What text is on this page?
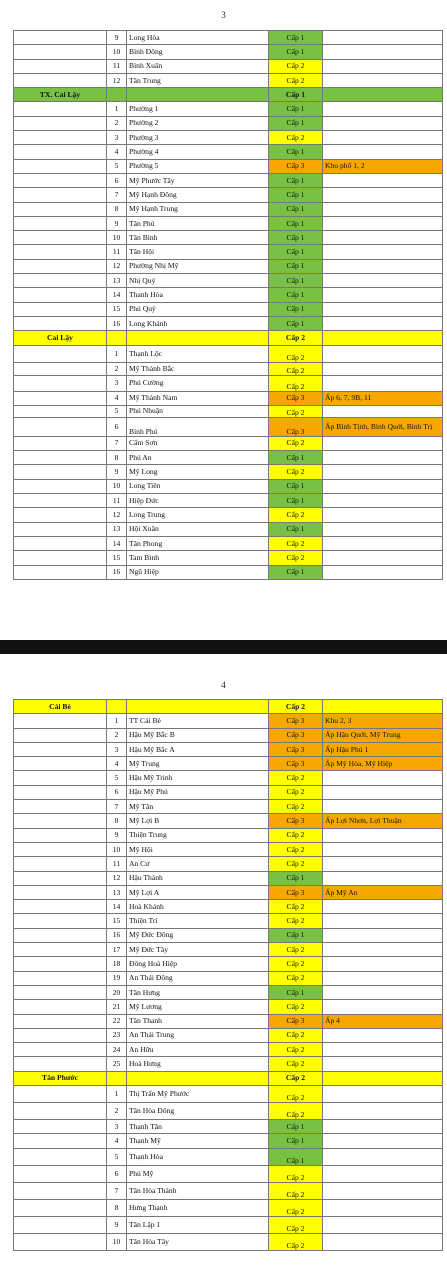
3
	9	Long Hòa	Cấp 1	
	10	Bình Đông	Cấp 1	
	11	Bình Xuân	Cấp 2	
	12	Tân Trung	Cấp 2	
TX. Cai Lậy			Cấp 1	
	1	Phường 1	Cấp 1	
	2	Phường 2	Cấp 1	
	3	Phường 3	Cấp 2	
	4	Phường 4	Cấp 1	
	5	Phường 5	Cấp 3	Khu phố 1, 2
	6	Mỹ Phước Tây	Cấp 1	
	7	Mỹ Hạnh Đông	Cấp 1	
	8	Mỹ Hạnh Trung	Cấp 1	
	9	Tân Phú	Cấp 1	
	10	Tân Bình	Cấp 1	
	11	Tân Hội	Cấp 1	
	12	Phường Nhị Mỹ	Cấp 1	
	13	Nhị Quý	Cấp 1	
	14	Thanh Hòa	Cấp 1	
	15	Phú Quý	Cấp 1	
	16	Long Khánh	Cấp 1	
Cai Lậy			Cấp 2	
	1	Thạnh Lộc	Cấp 2	
	2	Mỹ Thành Bắc	Cấp 2	
	3	Phú Cường	Cấp 2	
	4	Mỹ Thành Nam	Cấp 3	Ấp 6, 7, 9B, 11
	5	Phú Nhuận	Cấp 2	
	6	Bình Phú	Cấp 3	Ấp Bình Tịnh, Bình Quới, Bình Trị
	7	Cẩm Sơn	Cấp 2	
	8	Phú An	Cấp 1	
	9	Mỹ Long	Cấp 2	
	10	Long Tiên	Cấp 1	
	11	Hiệp Đức	Cấp 1	
	12	Long Trung	Cấp 2	
	13	Hội Xuân	Cấp 1	
	14	Tân Phong	Cấp 2	
	15	Tam Bình	Cấp 2	
	16	Ngũ Hiệp	Cấp 1	
4
Cái Bè			Cấp 2	
	1	TT Cái Bè	Cấp 3	Khu 2, 3
	2	Hậu Mỹ Bắc B	Cấp 3	Ấp Hậu Quới, Mỹ Trung
	3	Hậu Mỹ Bắc A	Cấp 3	Ấp Hậu Phú 1
	4	Mỹ Trung	Cấp 3	Ấp Mỹ Hòa, Mỹ Hiệp
	5	Hậu Mỹ Trinh	Cấp 2	
	6	Hậu Mỹ Phú	Cấp 2	
	7	Mỹ Tân	Cấp 2	
	8	Mỹ Lợi B	Cấp 3	Ấp Lợi Nhơn, Lợi Thuận
	9	Thiện Trung	Cấp 2	
	10	Mỹ Hội	Cấp 2	
	11	An Cư	Cấp 2	
	12	Hậu Thành	Cấp 1	
	13	Mỹ Lợi A	Cấp 3	Ấp Mỹ An
	14	Hoà Khánh	Cấp 2	
	15	Thiện Trí	Cấp 2	
	16	Mỹ Đức Đông	Cấp 1	
	17	Mỹ Đức Tây	Cấp 2	
	18	Đông Hoà Hiệp	Cấp 2	
	19	An Thái Đông	Cấp 2	
	20	Tân Hưng	Cấp 1	
	21	Mỹ Lương	Cấp 2	
	22	Tân Thanh	Cấp 3	Ấp 4
	23	An Thái Trung	Cấp 2	
	24	An Hữu	Cấp 2	
	25	Hoà Hưng	Cấp 2	
Tân Phước			Cấp 2	
	1	Thị Trấn Mỹ Phước	Cấp 2	
	2	Tân Hòa Đông	Cấp 2	
	3	Thạnh Tân	Cấp 1	
	4	Thạnh Mỹ	Cấp 1	
	5	Thạnh Hòa	Cấp 1	
	6	Phú Mỹ	Cấp 2	
	7	Tân Hòa Thành	Cấp 2	
	8	Hưng Thạnh	Cấp 2	
	9	Tân Lập 1	Cấp 2	
	10	Tân Hòa Tây	Cấp 2	
